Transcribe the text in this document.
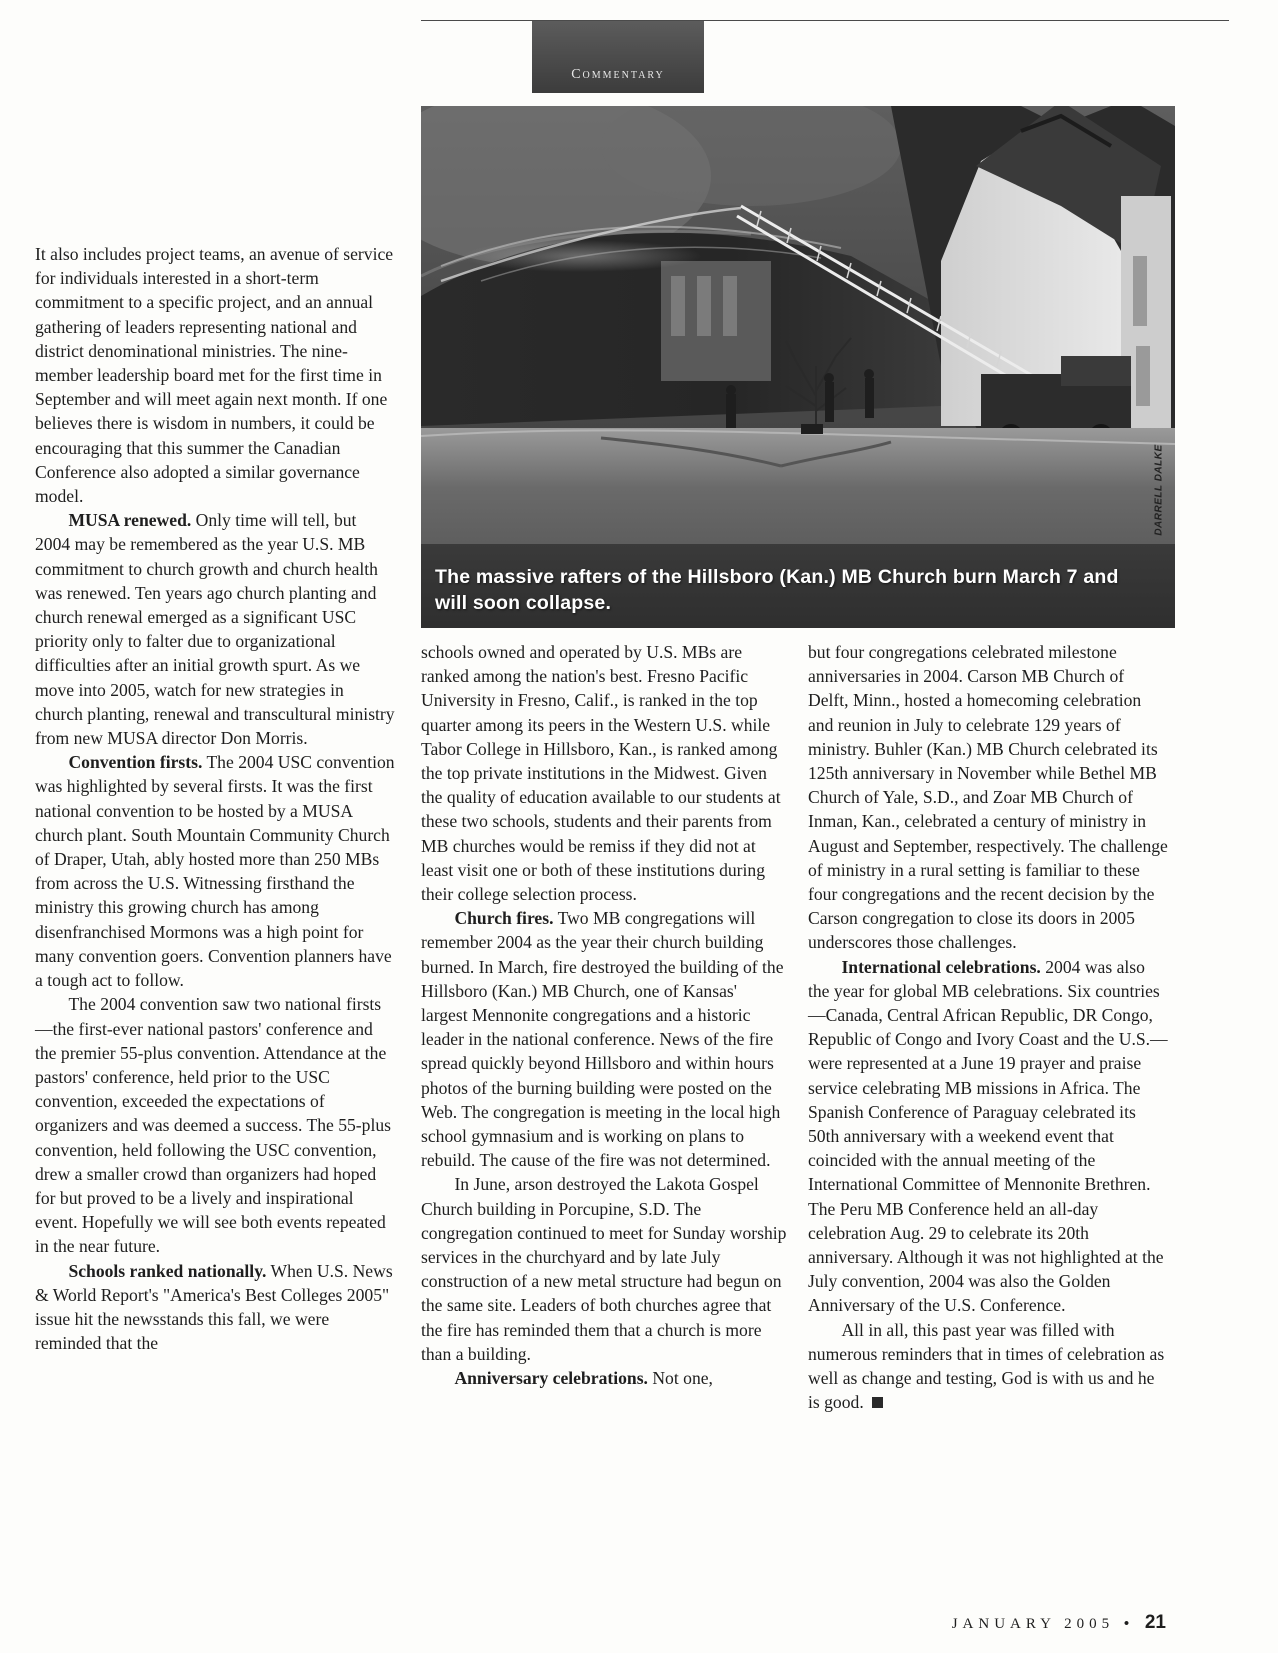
Commentary
The massive rafters of the Hillsboro (Kan.) MB Church burn March 7 and will soon collapse.
DARRELL DALKE

It also includes project teams, an avenue of service for individuals interested in a short-term commitment to a specific project, and an annual gathering of leaders representing national and district denominational ministries. The nine-member leadership board met for the first time in September and will meet again next month. If one believes there is wisdom in numbers, it could be encouraging that this summer the Canadian Conference also adopted a similar governance model.

MUSA renewed. Only time will tell, but 2004 may be remembered as the year U.S. MB commitment to church growth and church health was renewed. Ten years ago church planting and church renewal emerged as a significant USC priority only to falter due to organizational difficulties after an initial growth spurt. As we move into 2005, watch for new strategies in church planting, renewal and transcultural ministry from new MUSA director Don Morris.

Convention firsts. The 2004 USC convention was highlighted by several firsts. It was the first national convention to be hosted by a MUSA church plant. South Mountain Community Church of Draper, Utah, ably hosted more than 250 MBs from across the U.S. Witnessing firsthand the ministry this growing church has among disenfranchised Mormons was a high point for many convention goers. Convention planners have a tough act to follow.

The 2004 convention saw two national firsts—the first-ever national pastors' conference and the premier 55-plus convention. Attendance at the pastors' conference, held prior to the USC convention, exceeded the expectations of organizers and was deemed a success. The 55-plus convention, held following the USC convention, drew a smaller crowd than organizers had hoped for but proved to be a lively and inspirational event. Hopefully we will see both events repeated in the near future.

Schools ranked nationally. When U.S. News & World Report's "America's Best Colleges 2005" issue hit the newsstands this fall, we were reminded that the

schools owned and operated by U.S. MBs are ranked among the nation's best. Fresno Pacific University in Fresno, Calif., is ranked in the top quarter among its peers in the Western U.S. while Tabor College in Hillsboro, Kan., is ranked among the top private institutions in the Midwest. Given the quality of education available to our students at these two schools, students and their parents from MB churches would be remiss if they did not at least visit one or both of these institutions during their college selection process.

Church fires. Two MB congregations will remember 2004 as the year their church building burned. In March, fire destroyed the building of the Hillsboro (Kan.) MB Church, one of Kansas' largest Mennonite congregations and a historic leader in the national conference. News of the fire spread quickly beyond Hillsboro and within hours photos of the burning building were posted on the Web. The congregation is meeting in the local high school gymnasium and is working on plans to rebuild. The cause of the fire was not determined.

In June, arson destroyed the Lakota Gospel Church building in Porcupine, S.D. The congregation continued to meet for Sunday worship services in the churchyard and by late July construction of a new metal structure had begun on the same site. Leaders of both churches agree that the fire has reminded them that a church is more than a building.

Anniversary celebrations. Not one,

but four congregations celebrated milestone anniversaries in 2004. Carson MB Church of Delft, Minn., hosted a homecoming celebration and reunion in July to celebrate 129 years of ministry. Buhler (Kan.) MB Church celebrated its 125th anniversary in November while Bethel MB Church of Yale, S.D., and Zoar MB Church of Inman, Kan., celebrated a century of ministry in August and September, respectively. The challenge of ministry in a rural setting is familiar to these four congregations and the recent decision by the Carson congregation to close its doors in 2005 underscores those challenges.

International celebrations. 2004 was also the year for global MB celebrations. Six countries—Canada, Central African Republic, DR Congo, Republic of Congo and Ivory Coast and the U.S.—were represented at a June 19 prayer and praise service celebrating MB missions in Africa. The Spanish Conference of Paraguay celebrated its 50th anniversary with a weekend event that coincided with the annual meeting of the International Committee of Mennonite Brethren. The Peru MB Conference held an all-day celebration Aug. 29 to celebrate its 20th anniversary. Although it was not highlighted at the July convention, 2004 was also the Golden Anniversary of the U.S. Conference.

All in all, this past year was filled with numerous reminders that in times of celebration as well as change and testing, God is with us and he is good.

JANUARY 2005 • 21
